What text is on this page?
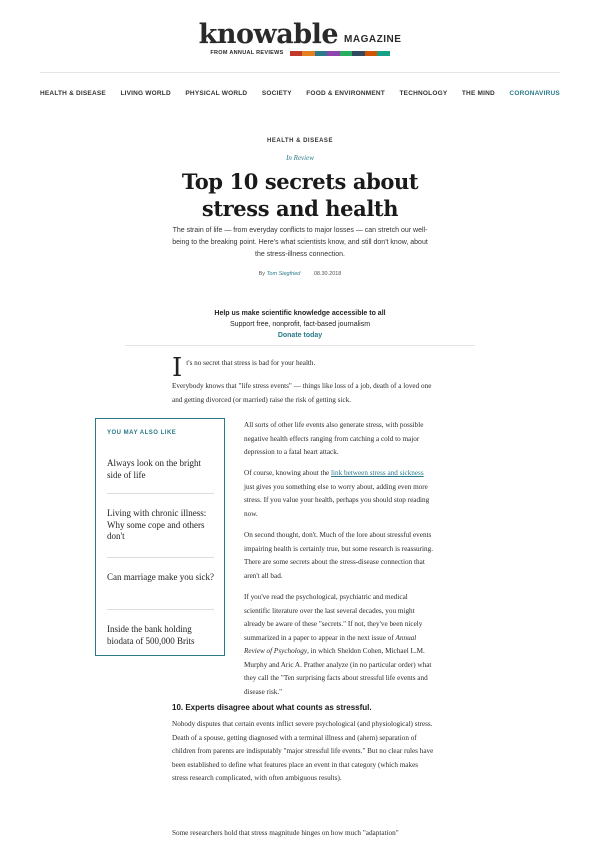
knowable MAGAZINE
FROM ANNUAL REVIEWS
HEALTH & DISEASE LIVING WORLD PHYSICAL WORLD SOCIETY FOOD & ENVIRONMENT TECHNOLOGY THE MIND CORONAVIRUS
HEALTH & DISEASE
In Review
Top 10 secrets about stress and health

The strain of life — from everyday conflicts to major losses — can stretch our well-being to the breaking point. Here's what scientists know, and still don't know, about the stress-illness connection.

By Tom Siegfried 08.30.2018
Help us make scientific knowledge accessible to all
Support free, nonprofit, fact-based journalism
Donate today
I t's no secret that stress is bad for your health.

Everybody knows that "life stress events" — things like loss of a job, death of a loved one and getting divorced (or married) raise the risk of getting sick.

All sorts of other life events also generate stress, with possible negative health effects ranging from catching a cold to major depression to a fatal heart attack.

Of course, knowing about the link between stress and sickness just gives you something else to worry about, adding even more stress. If you value your health, perhaps you should stop reading now.

On second thought, don't. Much of the lore about stressful events impairing health is certainly true, but some research is reassuring. There are some secrets about the stress-disease connection that aren't all bad.

If you've read the psychological, psychiatric and medical scientific literature over the last several decades, you might already be aware of these "secrets." If not, they've been nicely summarized in a paper to appear in the next issue of Annual Review of Psychology, in which Sheldon Cohen, Michael L.M. Murphy and Aric A. Prather analyze (in no particular order) what they call the "Ten surprising facts about stressful life events and disease risk."

10. Experts disagree about what counts as stressful.

Nobody disputes that certain events inflict severe psychological (and physiological) stress. Death of a spouse, getting diagnosed with a terminal illness and (ahem) separation of children from parents are indisputably "major stressful life events." But no clear rules have been established to define what features place an event in that category (which makes stress research complicated, with often ambiguous results).

Some researchers hold that stress magnitude hinges on how much "adaptation"

YOU MAY ALSO LIKE
Always look on the bright side of life
Living with chronic illness: Why some cope and others don't
Can marriage make you sick?
Inside the bank holding biodata of 500,000 Brits
